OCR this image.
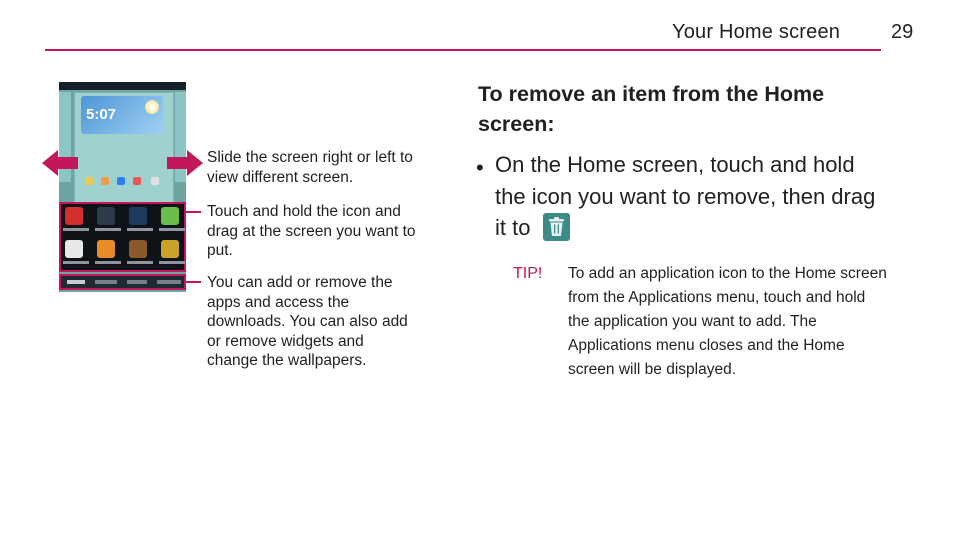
Your Home screen	29
5:07
Slide the screen right or left to view different screen.
Touch and hold the icon and drag at the screen you want to put.
You can add or remove the apps and access the downloads. You can also add or remove widgets and change the wallpapers.
To remove an item from the Home screen:
• On the Home screen, touch and hold the icon you want to remove, then drag it to
TIP! To add an application icon to the Home screen from the Applications menu, touch and hold the application you want to add. The Applications menu closes and the Home screen will be displayed.
